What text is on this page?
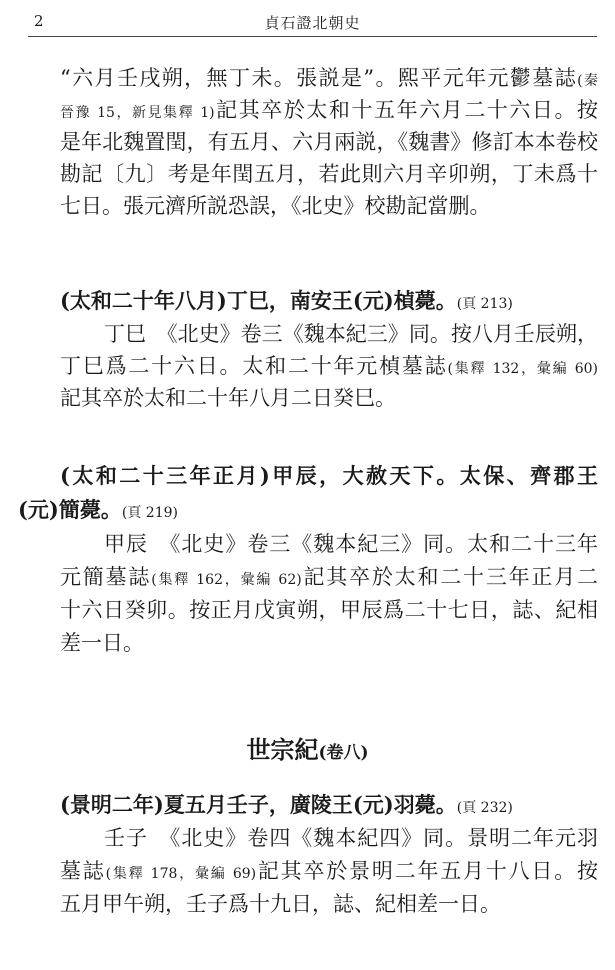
2	貞石證北朝史
“六月壬戌朔，無丁未。張説是”。熙平元年元鬱墓誌(秦
晉豫 15，新見集釋 1)記其卒於太和十五年六月二十六日。按
是年北魏置閏，有五月、六月兩説，《魏書》修訂本本卷校
勘記〔九〕考是年閏五月，若此則六月辛卯朔，丁未爲十
七日。張元濟所説恐誤，《北史》校勘記當删。
(太和二十年八月)丁巳，南安王(元)楨薨。(頁 213)
丁巳　《北史》卷三《魏本紀三》同。按八月壬辰朔，
丁巳爲二十六日。太和二十年元楨墓誌(集釋 132，彙編 60)
記其卒於太和二十年八月二日癸巳。
(太和二十三年正月)甲辰，大赦天下。太保、齊郡王
(元)簡薨。(頁 219)
甲辰　《北史》卷三《魏本紀三》同。太和二十三年
元簡墓誌(集釋 162，彙編 62)記其卒於太和二十三年正月二
十六日癸卯。按正月戊寅朔，甲辰爲二十七日，誌、紀相
差一日。
世宗紀(卷八)
(景明二年)夏五月壬子，廣陵王(元)羽薨。(頁 232)
壬子　《北史》卷四《魏本紀四》同。景明二年元羽
墓誌(集釋 178，彙編 69)記其卒於景明二年五月十八日。按
五月甲午朔，壬子爲十九日，誌、紀相差一日。
